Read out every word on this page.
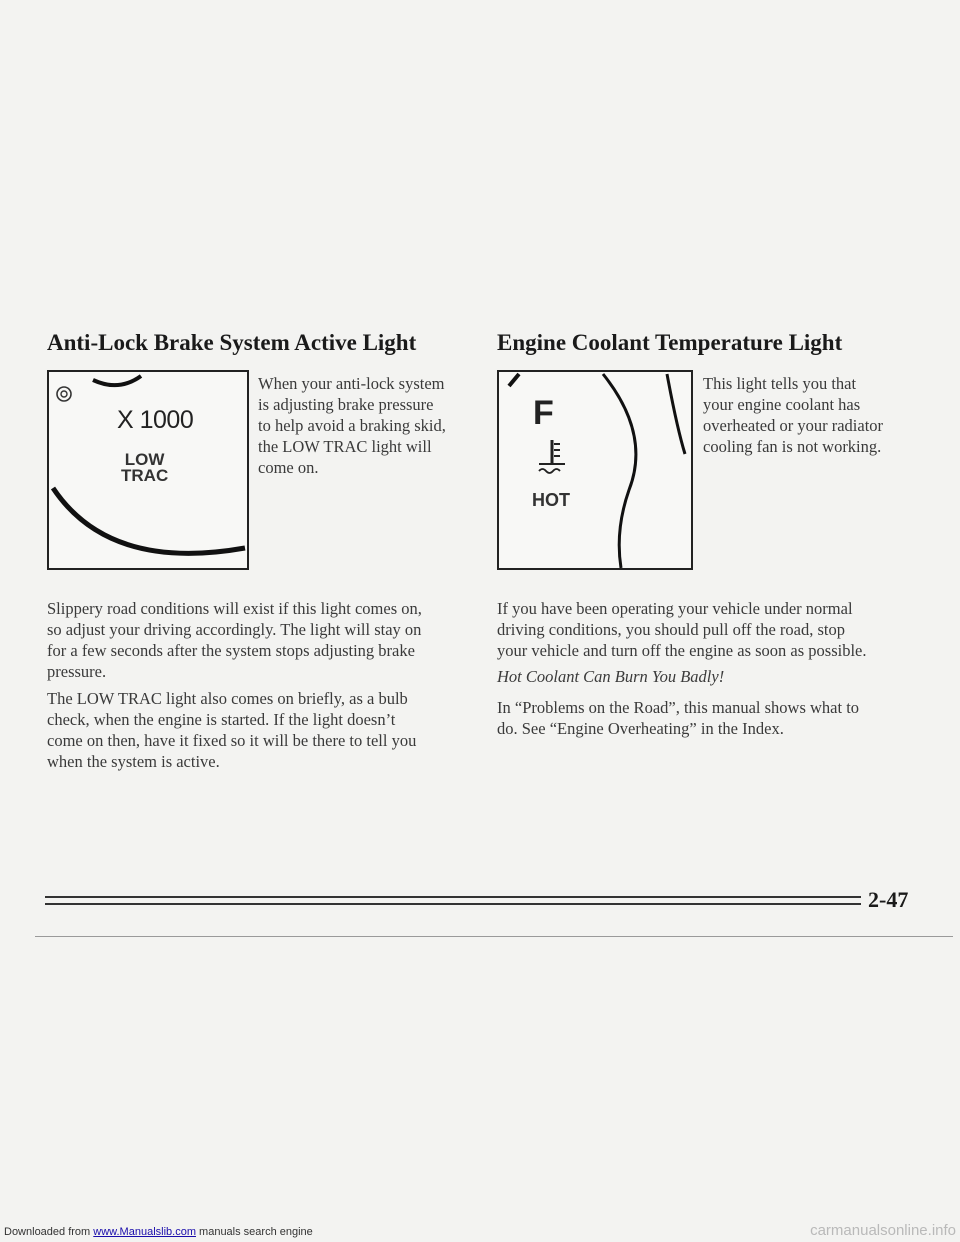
Anti-Lock Brake System Active Light
X 1000
LOW
TRAC
When your anti-lock system
is adjusting brake pressure
to help avoid a braking skid,
the LOW TRAC light will
come on.
Slippery road conditions will exist if this light comes on,
so adjust your driving accordingly. The light will stay on
for a few seconds after the system stops adjusting brake
pressure.
The LOW TRAC light also comes on briefly, as a bulb
check, when the engine is started. If the light doesn’t
come on then, have it fixed so it will be there to tell you
when the system is active.
Engine Coolant Temperature Light
F
HOT
This light tells you that
your engine coolant has
overheated or your radiator
cooling fan is not working.
If you have been operating your vehicle under normal
driving conditions, you should pull off the road, stop
your vehicle and turn off the engine as soon as possible.
Hot Coolant Can Burn You Badly!
In “Problems on the Road”, this manual shows what to
do. See “Engine Overheating” in the Index.
2-47
Downloaded from www.Manualslib.com manuals search engine	carmanualsonline.info
